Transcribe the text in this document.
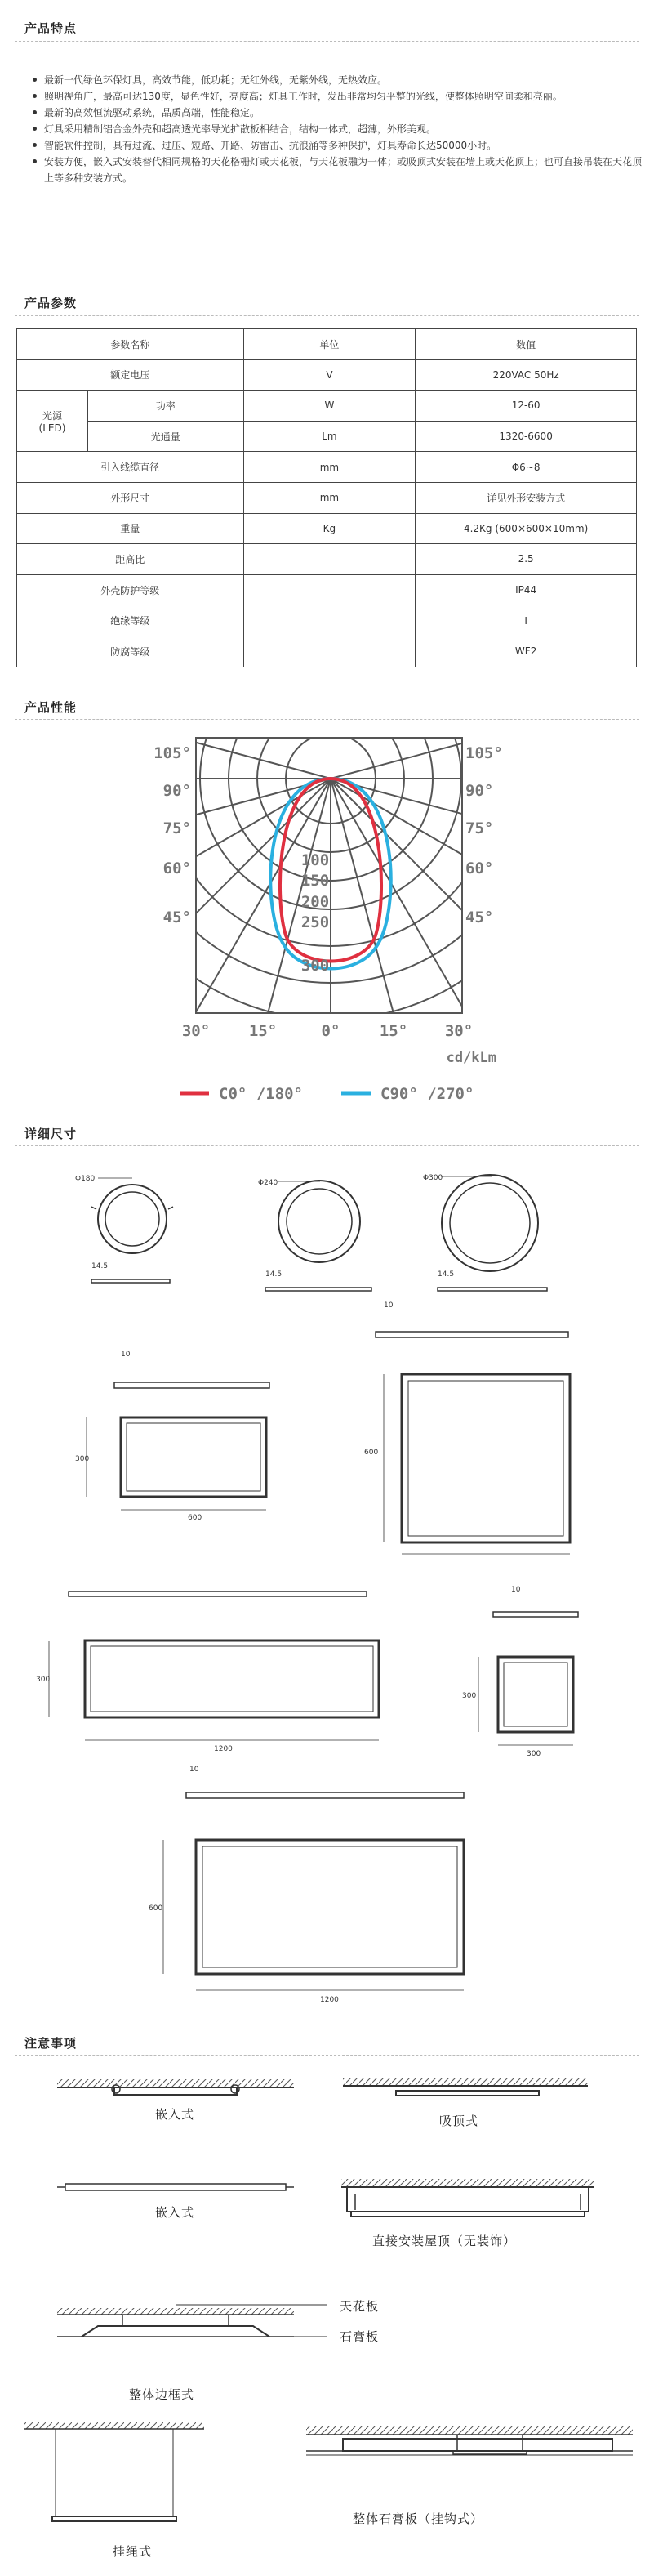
产品特点
最新一代绿色环保灯具，高效节能，低功耗；无红外线，无紫外线，无热效应。
照明视角广，最高可达130度，显色性好，亮度高；灯具工作时，发出非常均匀平整的光线，使整体照明空间柔和亮丽。
最新的高效恒流驱动系统，品质高端，性能稳定。
灯具采用精制铝合金外壳和超高透光率导光扩散板相结合，结构一体式，超薄，外形美观。
智能软件控制，具有过流、过压、短路、开路、防雷击、抗浪涌等多种保护，灯具寿命长达50000小时。
安装方便，嵌入式安装替代相同规格的天花格栅灯或天花板，与天花板融为一体；或吸顶式安装在墙上或天花顶上；也可直接吊装在天花顶上等多种安装方式。
产品参数
参数名称		单位	数值
额定电压		V	220VAC 50Hz
光源
(LED)	功率	W	12-60
	光通量	Lm	1320-6600
引入线缆直径		mm	Φ6~8
外形尺寸		mm	详见外形安装方式
重量		Kg	4.2Kg (600×600×10mm)
距高比			2.5
外壳防护等级			IP44
绝缘等级			I
防腐等级			WF2
产品性能
105°
90°
75°
60°
45°
105°
90°
75°
60°
45°
100
150
200
250
300
30°	15°	0°	15° 30°
cd/kLm
C0° /180°	C90° /270°
详细尺寸
Φ180
14.5
Φ240
14.5
Φ300
14.5
10
300
600
10
600
10
300
1200
10
300
300
10
600
1200
注意事项
嵌入式	吸顶式
嵌入式
直接安装屋顶（无装饰）
天花板
石膏板
整体边框式
挂绳式
整体石膏板（挂钩式）
